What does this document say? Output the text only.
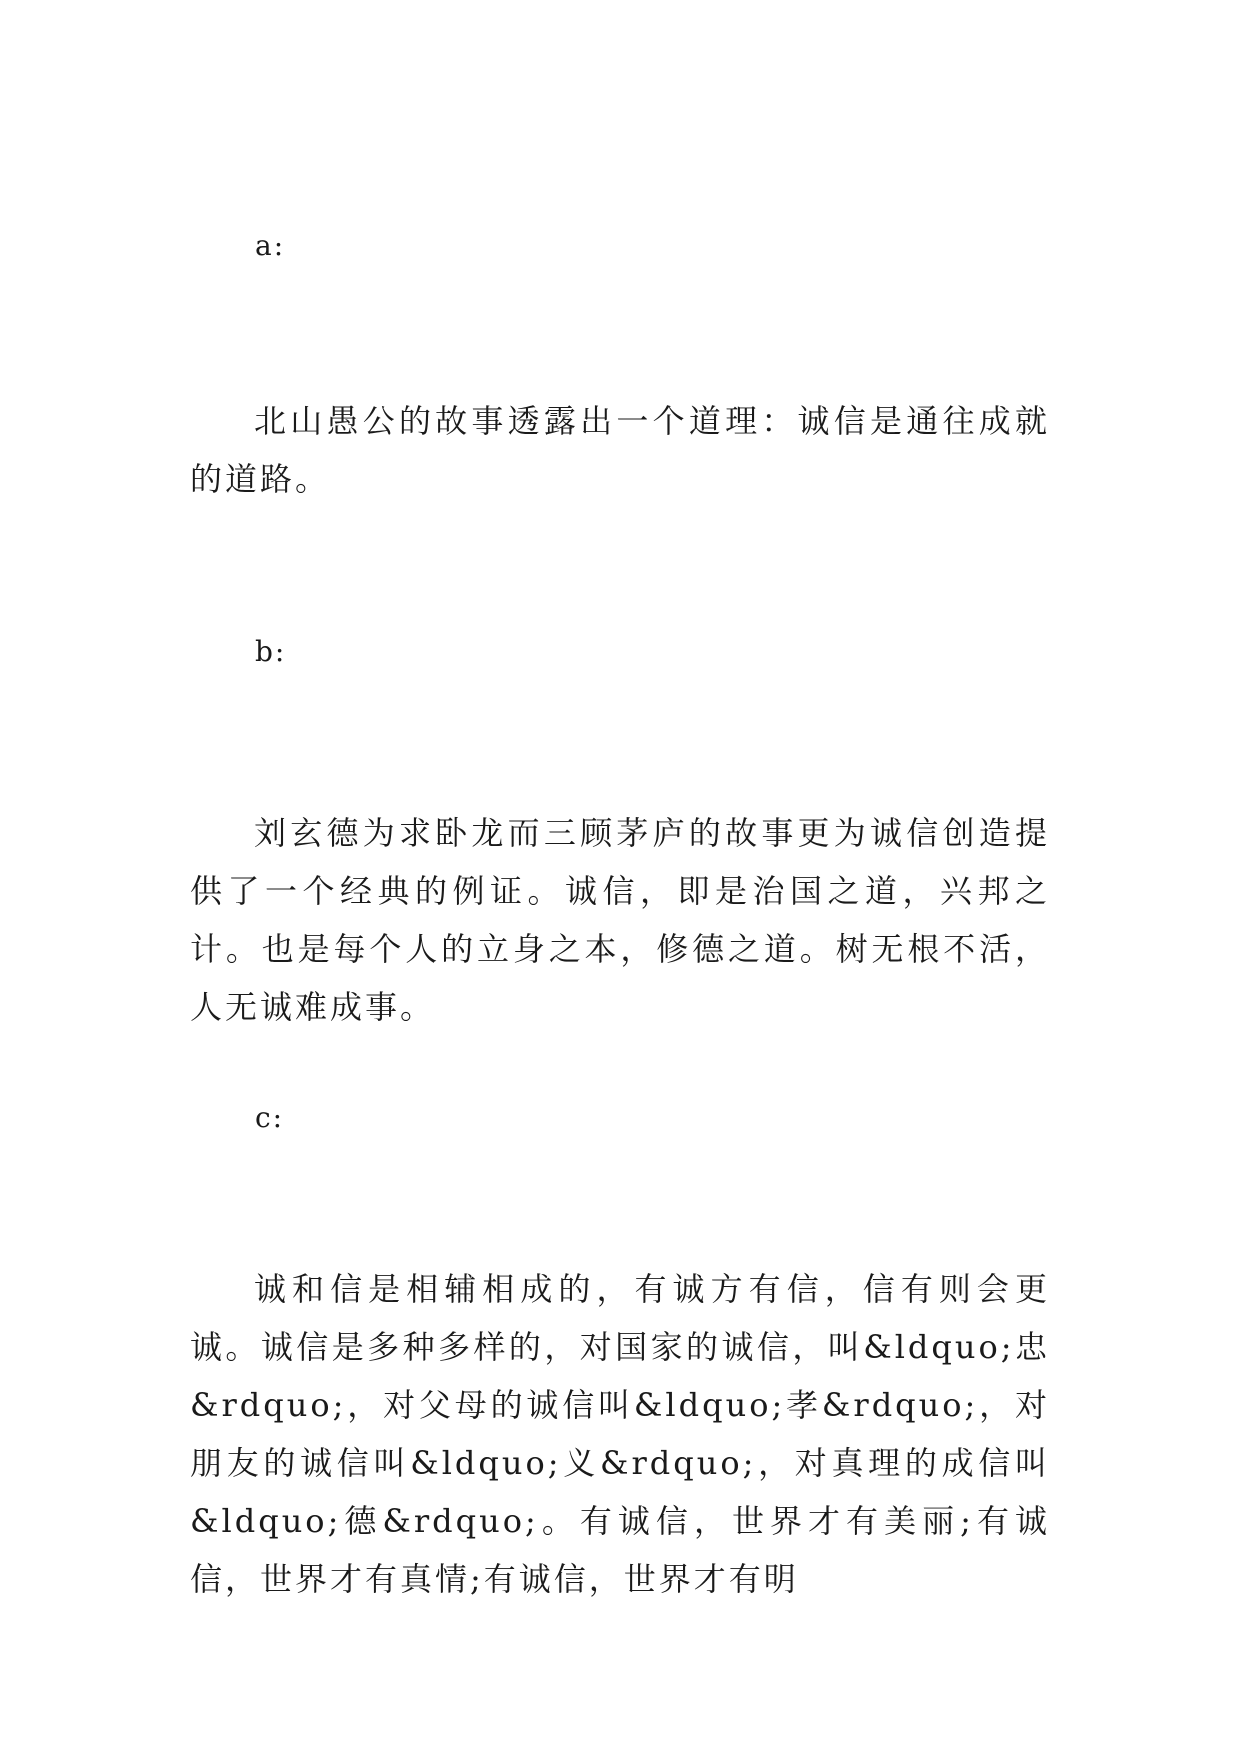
a:

北山愚公的故事透露出一个道理：诚信是通往成就的道路。

b:

刘玄德为求卧龙而三顾茅庐的故事更为诚信创造提供了一个经典的例证。诚信，即是治国之道，兴邦之计。也是每个人的立身之本，修德之道。树无根不活，人无诚难成事。

c:

诚和信是相辅相成的，有诚方有信，信有则会更诚。诚信是多种多样的，对国家的诚信，叫&ldquo;忠&rdquo;，对父母的诚信叫&ldquo;孝&rdquo;，对朋友的诚信叫&ldquo;义&rdquo;，对真理的成信叫&ldquo;德&rdquo;。有诚信，世界才有美丽;有诚信，世界才有真情;有诚信，世界才有明
